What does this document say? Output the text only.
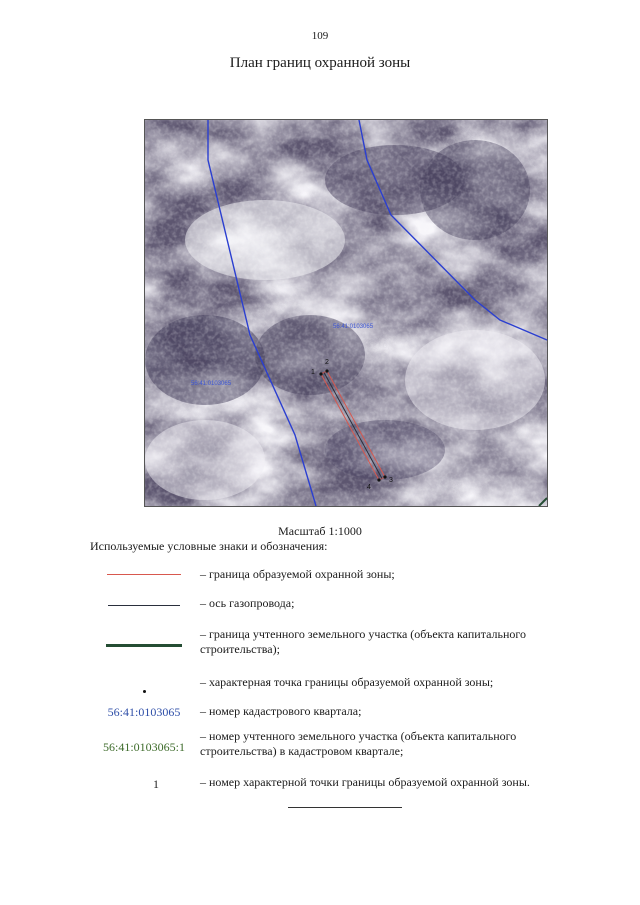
109
План границ охранной зоны
1
2
3
4
56:41:0103065
56:41:0103065
Масштаб 1:1000
Используемые условные знаки и обозначения:
– граница образуемой охранной зоны;
– ось газопровода;
– граница учтенного земельного участка (объекта капитального строительства);
– характерная точка границы образуемой охранной зоны;
56:41:0103065 – номер кадастрового квартала;
56:41:0103065:1
– номер учтенного земельного участка (объекта капитального строительства) в кадастровом квартале;
1	– номер характерной точки границы образуемой охранной зоны.
